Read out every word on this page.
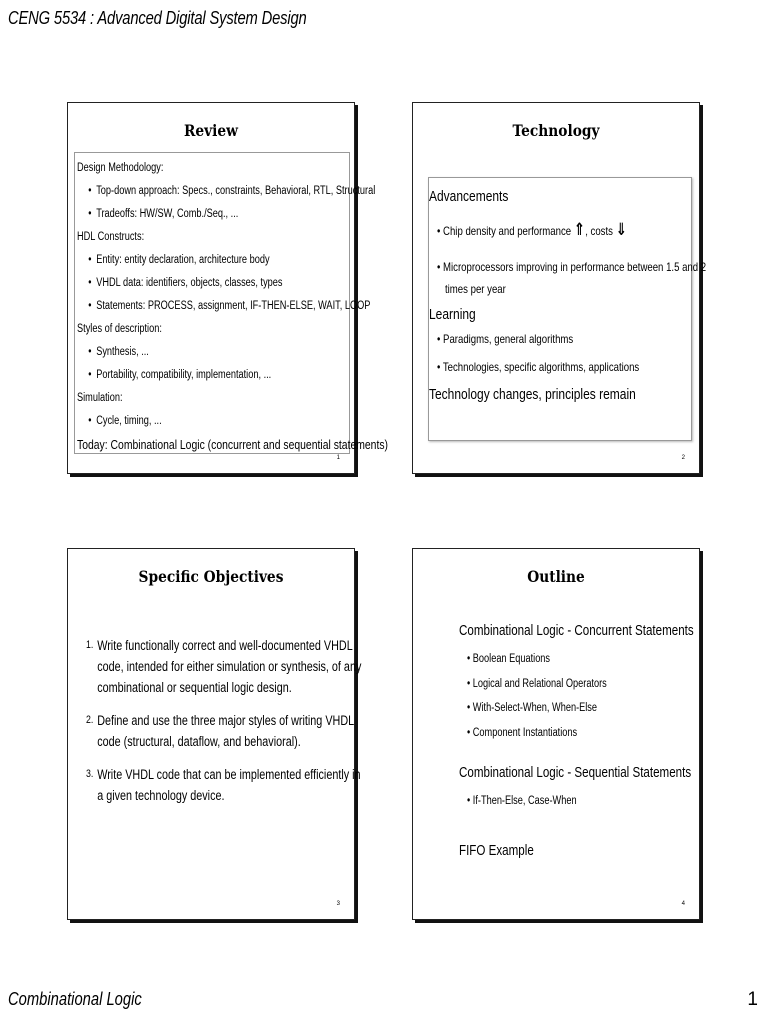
CENG 5534 : Advanced Digital System Design
Review
Design Methodology:
• Top-down approach: Specs., constraints, Behavioral, RTL, Structural
• Tradeoffs: HW/SW, Comb./Seq., ...
HDL Constructs:
• Entity: entity declaration, architecture body
• VHDL data: identifiers, objects, classes, types
• Statements: PROCESS, assignment, IF-THEN-ELSE, WAIT, LOOP
Styles of description:
• Synthesis, ...
• Portability, compatibility, implementation, ...
Simulation:
• Cycle, timing, ...
Today: Combinational Logic (concurrent and sequential statements)
1
Technology
Advancements
• Chip density and performance ⇑, costs ⇓
• Microprocessors improving in performance between 1.5 and 2
times per year
Learning
• Paradigms, general algorithms
• Technologies, specific algorithms, applications
Technology changes, principles remain
2
Specific Objectives
1. Write functionally correct and well-documented VHDL
code, intended for either simulation or synthesis, of any
combinational or sequential logic design.
2. Define and use the three major styles of writing VHDL
code (structural, dataflow, and behavioral).
3. Write VHDL code that can be implemented efficiently in
a given technology device.
3
Outline
Combinational Logic - Concurrent Statements
• Boolean Equations
• Logical and Relational Operators
• With-Select-When, When-Else
• Component Instantiations
Combinational Logic - Sequential Statements
• If-Then-Else, Case-When
FIFO Example
4
Combinational Logic	1
